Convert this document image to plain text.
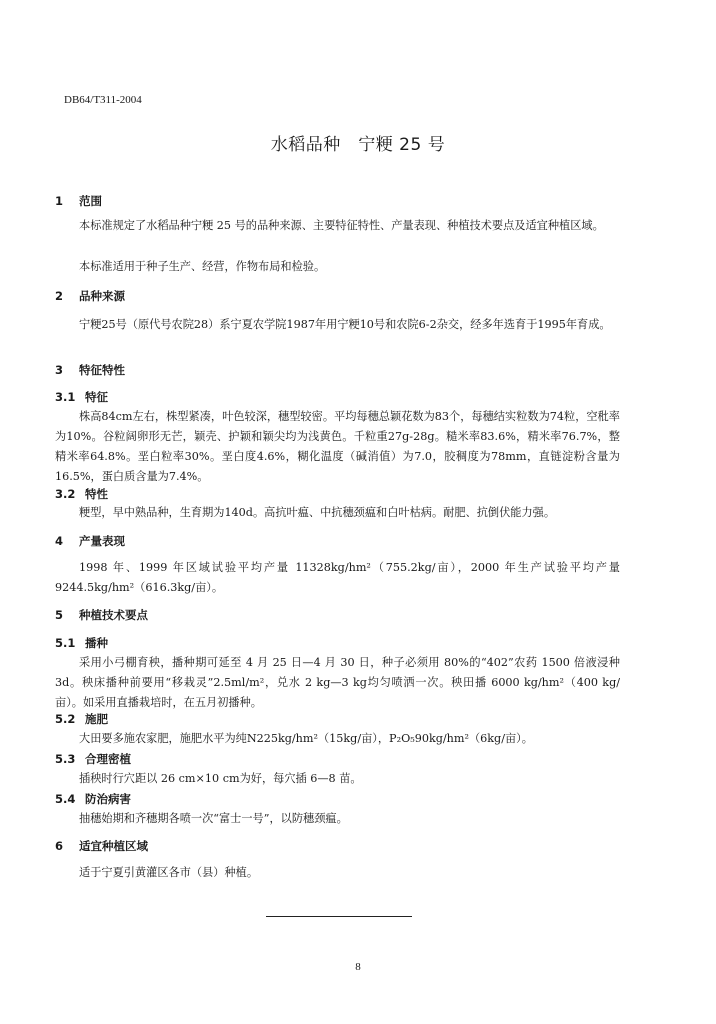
DB64/T311-2004
水稻品种　宁粳 25 号
1 范围
本标准规定了水稻品种宁粳 25 号的品种来源、主要特征特性、产量表现、种植技术要点及适宜种植区域。
本标准适用于种子生产、经营，作物布局和检验。
2 品种来源
宁粳25号（原代号农院28）系宁夏农学院1987年用宁粳10号和农院6-2杂交，经多年选育于1995年育成。
3 特征特性
3.1 特征
株高84cm左右，株型紧凑，叶色较深，穗型较密。平均每穗总颖花数为83个，每穗结实粒数为74粒，空秕率为10%。谷粒阔卵形无芒，颖壳、护颖和颖尖均为浅黄色。千粒重27g-28g。糙米率83.6%，精米率76.7%，整精米率64.8%。垩白粒率30%。垩白度4.6%，糊化温度（碱消值）为7.0，胶稠度为78mm，直链淀粉含量为16.5%，蛋白质含量为7.4%。
3.2 特性
粳型，早中熟品种，生育期为140d。高抗叶瘟、中抗穗颈瘟和白叶枯病。耐肥、抗倒伏能力强。
4 产量表现
1998 年、1999 年区域试验平均产量 11328kg/hm²（755.2kg/亩），2000 年生产试验平均产量9244.5kg/hm²（616.3kg/亩）。
5 种植技术要点
5.1 播种
采用小弓棚育秧，播种期可延至 4 月 25 日—4 月 30 日，种子必须用 80%的“402”农药 1500 倍液浸种 3d。秧床播种前要用“移栽灵”2.5ml/m²，兑水 2 kg—3 kg均匀喷洒一次。秧田播 6000 kg/hm²（400 kg/亩）。如采用直播栽培时，在五月初播种。
5.2 施肥
大田要多施农家肥，施肥水平为纯N225kg/hm²（15kg/亩），P₂O₅90kg/hm²（6kg/亩）。
5.3 合理密植
插秧时行穴距以 26 cm×10 cm为好，每穴插 6—8 苗。
5.4 防治病害
抽穗始期和齐穗期各喷一次“富士一号”，以防穗颈瘟。
6 适宜种植区域
适于宁夏引黄灌区各市（县）种植。
8
